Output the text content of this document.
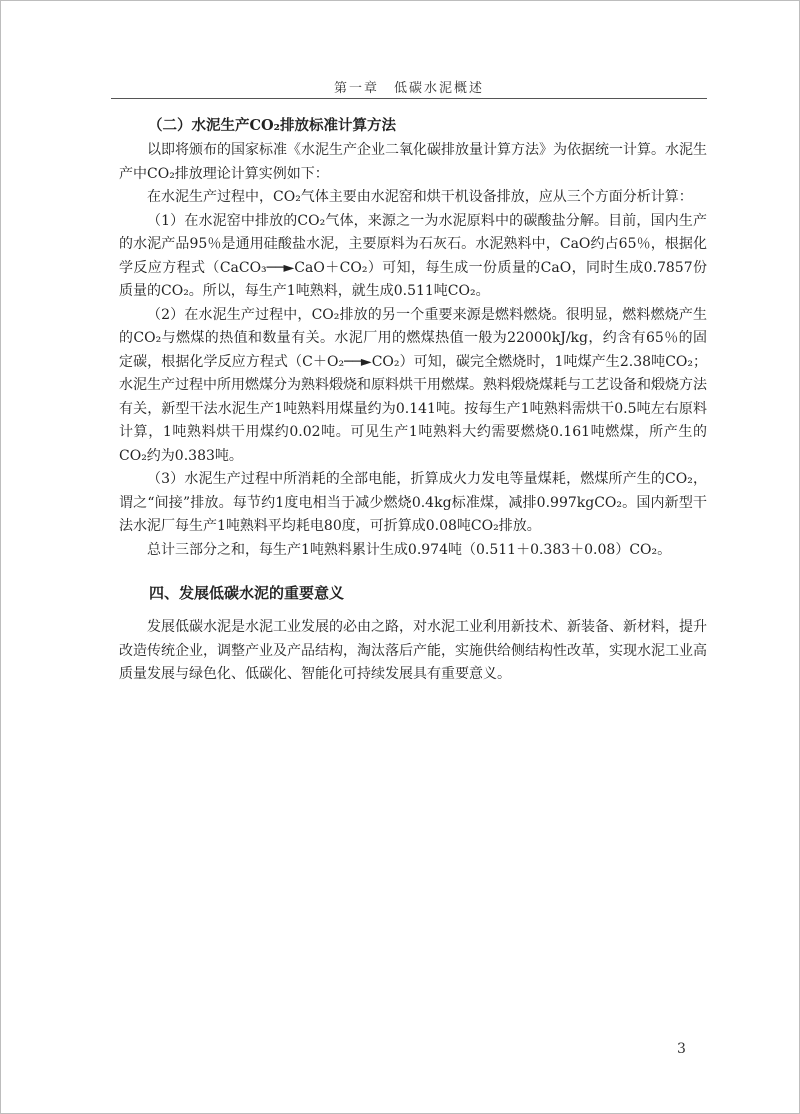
第一章　低碳水泥概述
（二）水泥生产CO₂排放标准计算方法

以即将颁布的国家标准《水泥生产企业二氧化碳排放量计算方法》为依据统一计算。水泥生产中CO₂排放理论计算实例如下：

在水泥生产过程中，CO₂气体主要由水泥窑和烘干机设备排放，应从三个方面分析计算：

（1）在水泥窑中排放的CO₂气体，来源之一为水泥原料中的碳酸盐分解。目前，国内生产的水泥产品95％是通用硅酸盐水泥，主要原料为石灰石。水泥熟料中，CaO约占65％，根据化学反应方程式（CaCO₃──►CaO＋CO₂）可知，每生成一份质量的CaO，同时生成0.7857份质量的CO₂。所以，每生产1吨熟料，就生成0.511吨CO₂。

（2）在水泥生产过程中，CO₂排放的另一个重要来源是燃料燃烧。很明显，燃料燃烧产生的CO₂与燃煤的热值和数量有关。水泥厂用的燃煤热值一般为22000kJ/kg，约含有65％的固定碳，根据化学反应方程式（C＋O₂──►CO₂）可知，碳完全燃烧时，1吨煤产生2.38吨CO₂；水泥生产过程中所用燃煤分为熟料煅烧和原料烘干用燃煤。熟料煅烧煤耗与工艺设备和煅烧方法有关，新型干法水泥生产1吨熟料用煤量约为0.141吨。按每生产1吨熟料需烘干0.5吨左右原料计算，1吨熟料烘干用煤约0.02吨。可见生产1吨熟料大约需要燃烧0.161吨燃煤，所产生的CO₂约为0.383吨。

（3）水泥生产过程中所消耗的全部电能，折算成火力发电等量煤耗，燃煤所产生的CO₂，谓之“间接”排放。每节约1度电相当于减少燃烧0.4kg标准煤，减排0.997kgCO₂。国内新型干法水泥厂每生产1吨熟料平均耗电80度，可折算成0.08吨CO₂排放。

总计三部分之和，每生产1吨熟料累计生成0.974吨（0.511＋0.383＋0.08）CO₂。

四、发展低碳水泥的重要意义

发展低碳水泥是水泥工业发展的必由之路，对水泥工业利用新技术、新装备、新材料，提升改造传统企业，调整产业及产品结构，淘汰落后产能，实施供给侧结构性改革，实现水泥工业高质量发展与绿色化、低碳化、智能化可持续发展具有重要意义。

3
